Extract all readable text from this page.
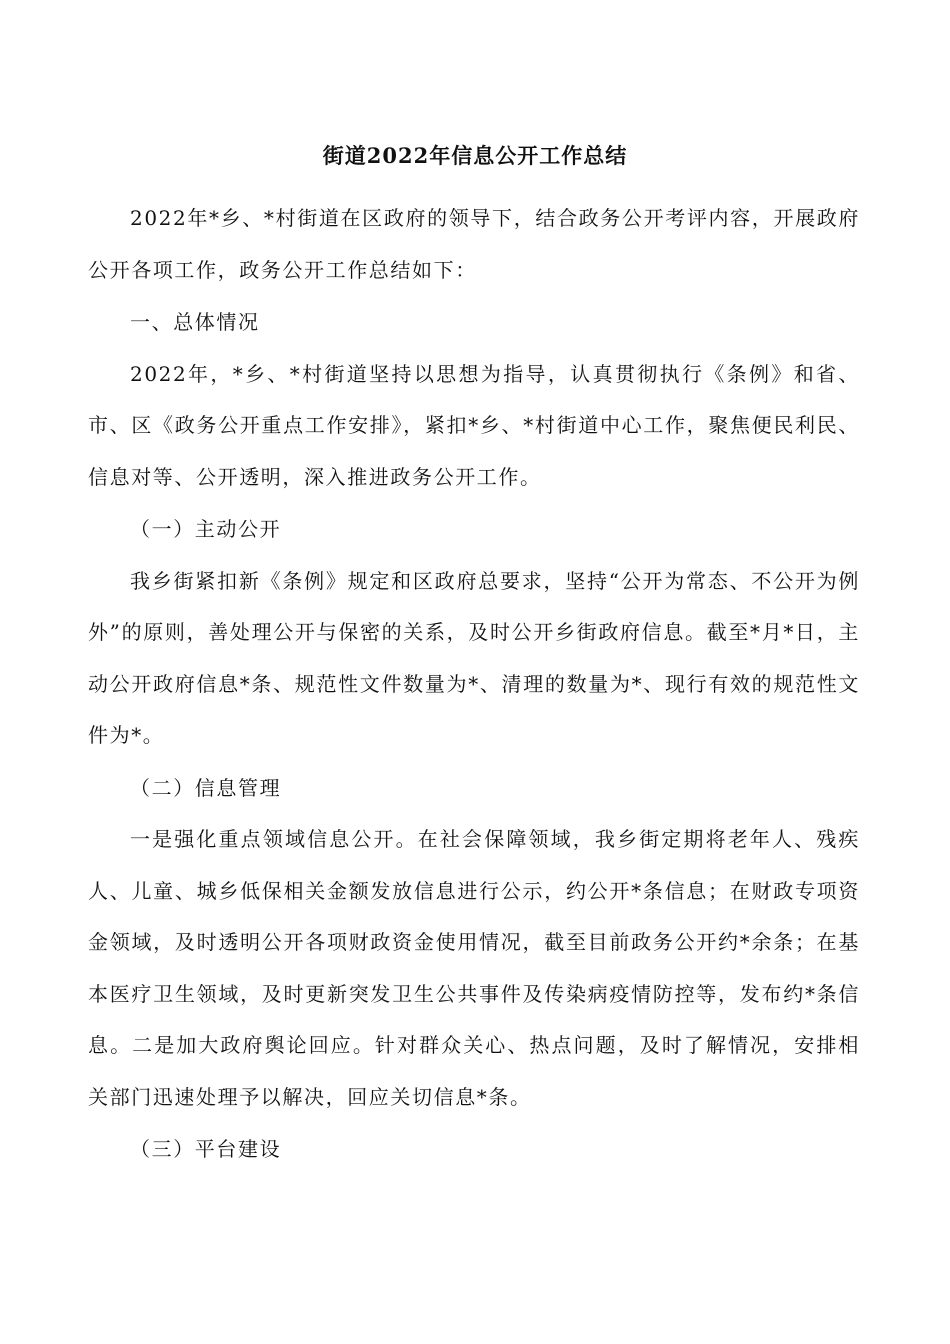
街道2022年信息公开工作总结

2022年*乡、*村街道在区政府的领导下，结合政务公开考评内容，开展政府公开各项工作，政务公开工作总结如下：

一、总体情况

2022年，*乡、*村街道坚持以思想为指导，认真贯彻执行《条例》和省、市、区《政务公开重点工作安排》，紧扣*乡、*村街道中心工作，聚焦便民利民、信息对等、公开透明，深入推进政务公开工作。

（一）主动公开

我乡街紧扣新《条例》规定和区政府总要求，坚持“公开为常态、不公开为例外”的原则，善处理公开与保密的关系，及时公开乡街政府信息。截至*月*日，主动公开政府信息*条、规范性文件数量为*、清理的数量为*、现行有效的规范性文件为*。

（二）信息管理

一是强化重点领域信息公开。在社会保障领域，我乡街定期将老年人、残疾人、儿童、城乡低保相关金额发放信息进行公示，约公开*条信息；在财政专项资金领域，及时透明公开各项财政资金使用情况，截至目前政务公开约*余条；在基本医疗卫生领域，及时更新突发卫生公共事件及传染病疫情防控等，发布约*条信息。二是加大政府舆论回应。针对群众关心、热点问题，及时了解情况，安排相关部门迅速处理予以解决，回应关切信息*条。

（三）平台建设
